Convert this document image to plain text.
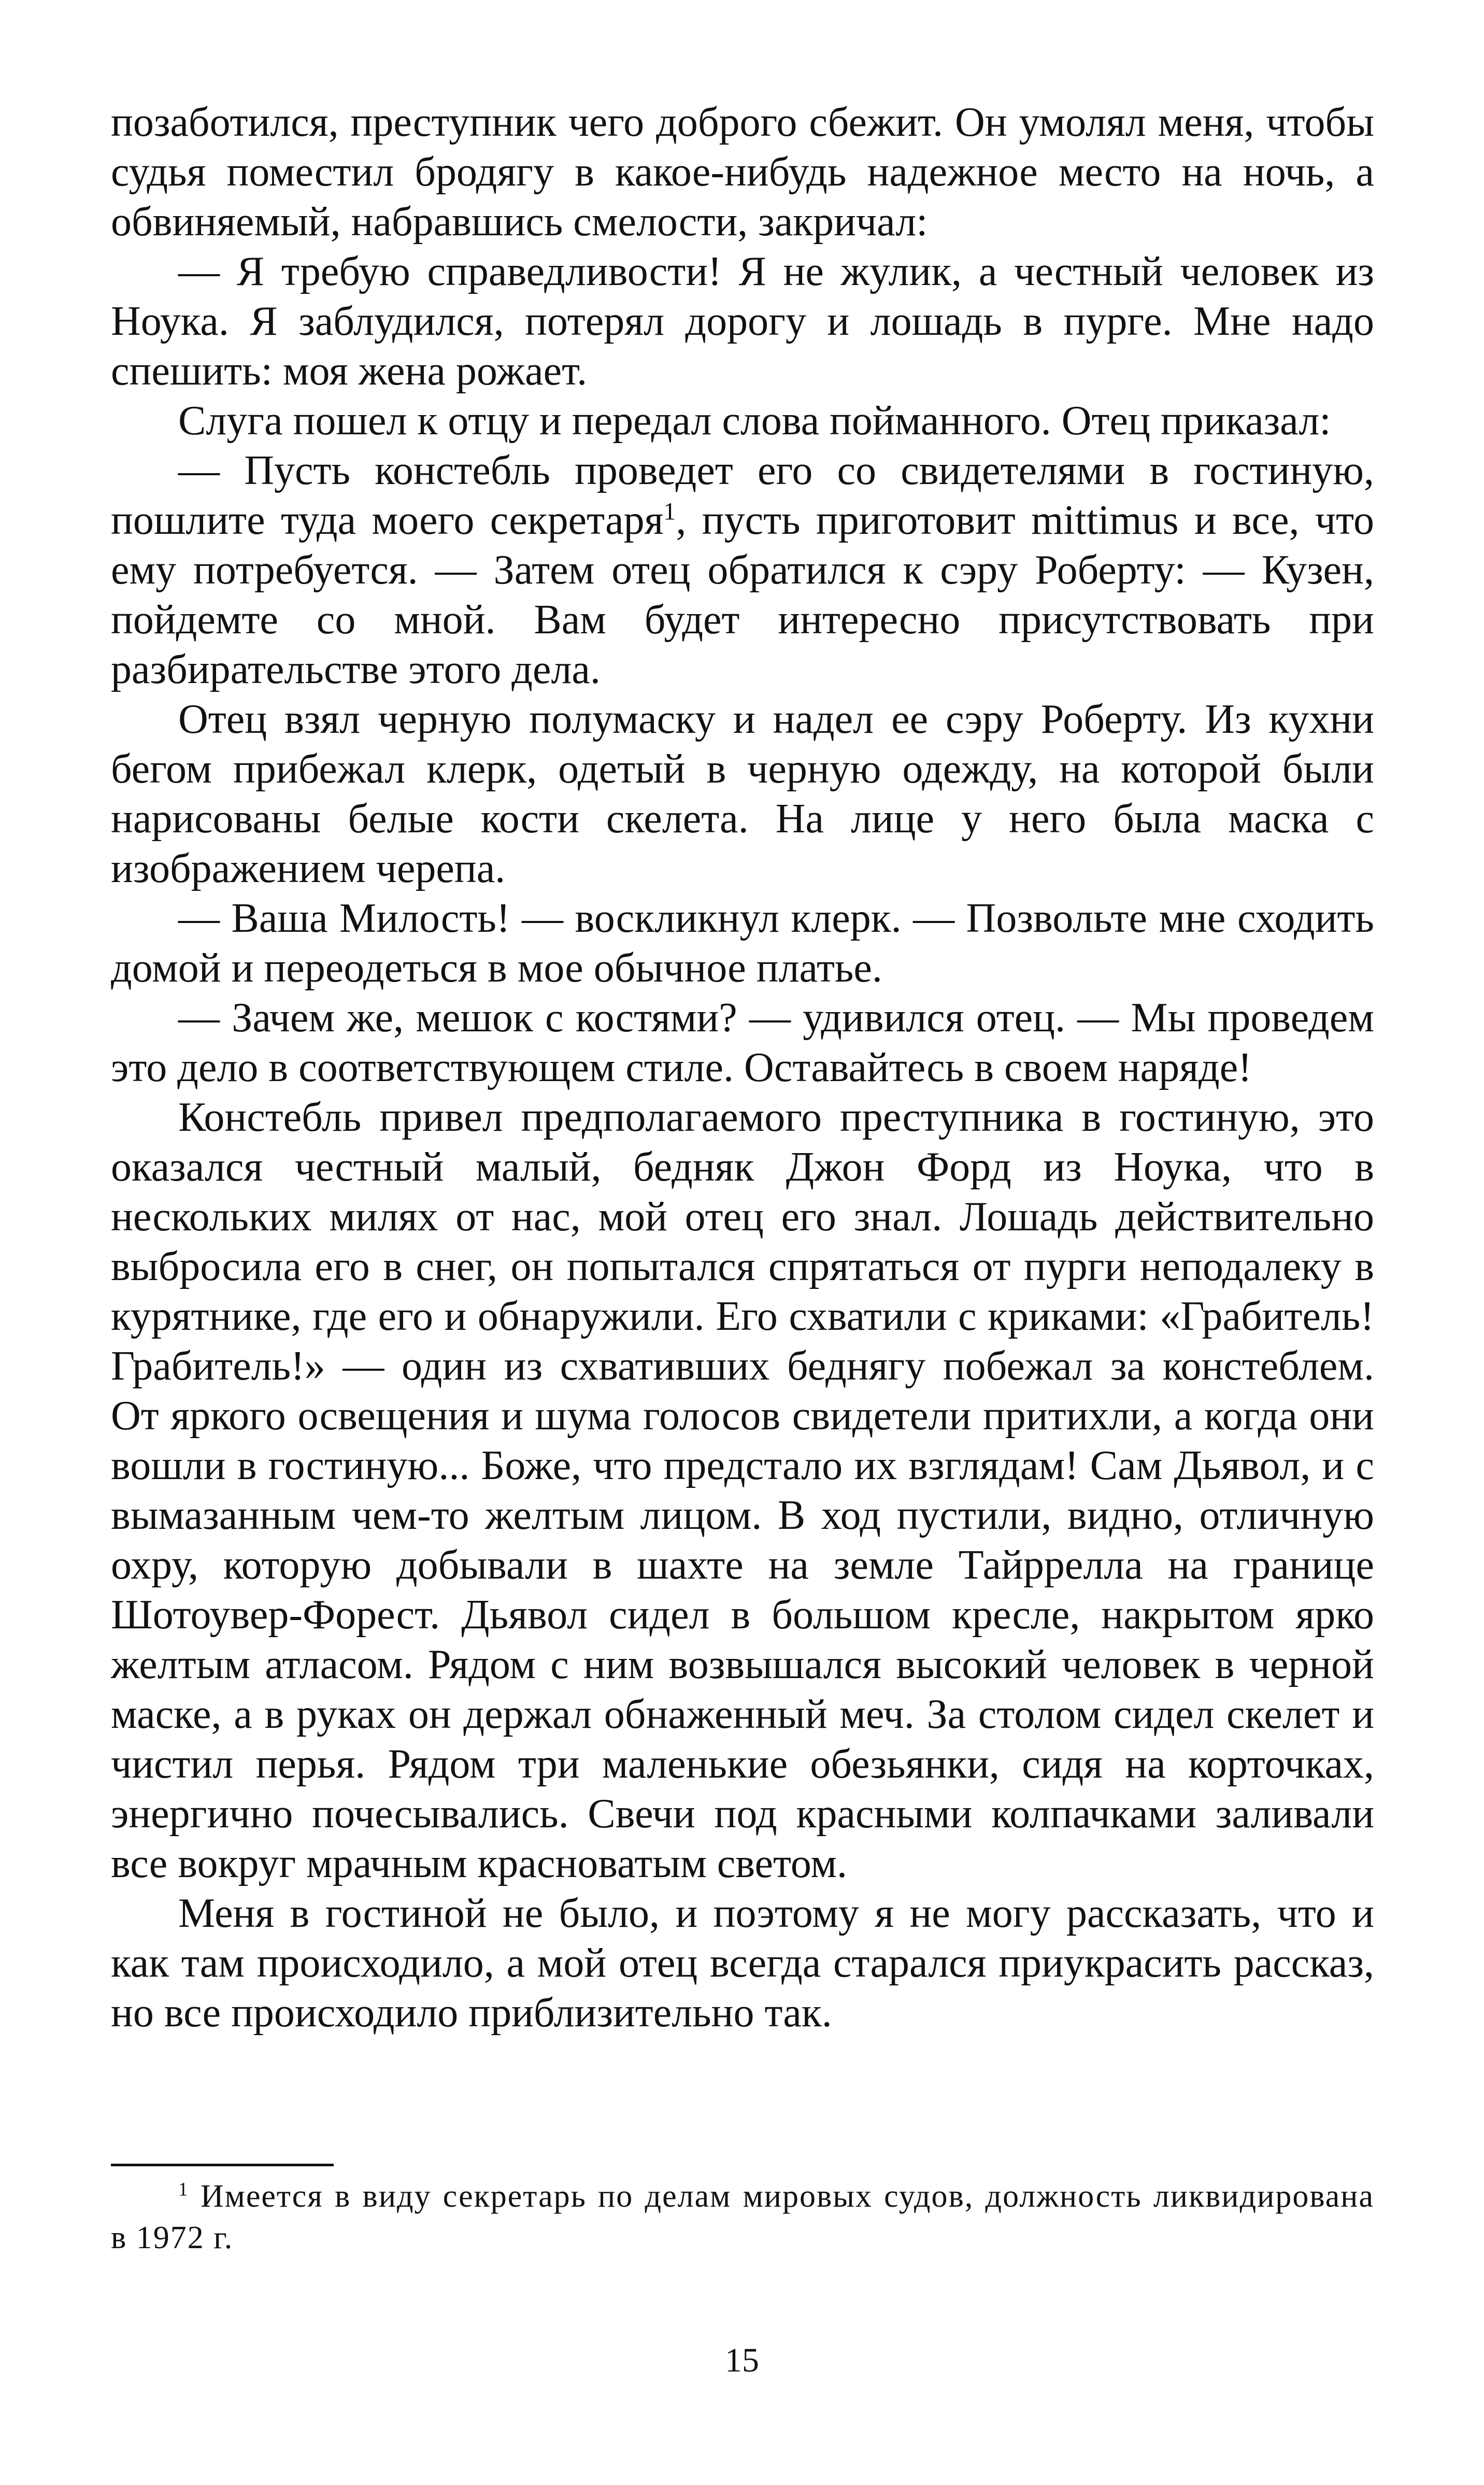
позаботился, преступник чего доброго сбежит. Он умолял меня, чтобы судья поместил бродягу в какое-нибудь надежное место на ночь, а обвиняемый, набравшись смелости, закричал:

— Я требую справедливости! Я не жулик, а честный человек из Ноука. Я заблудился, потерял дорогу и лошадь в пурге. Мне надо спешить: моя жена рожает.

Слуга пошел к отцу и передал слова пойманного. Отец приказал:

— Пусть констебль проведет его со свидетелями в гостиную, пошлите туда моего секретаря$^1$, пусть приготовит mittimus и все, что ему потребуется. — Затем отец обратился к сэру Роберту: — Кузен, пойдемте со мной. Вам будет интересно присутствовать при разбирательстве этого дела.

Отец взял черную полумаску и надел ее сэру Роберту. Из кухни бегом прибежал клерк, одетый в черную одежду, на которой были нарисованы белые кости скелета. На лице у него была маска с изображением черепа.

— Ваша Милость! — воскликнул клерк. — Позвольте мне сходить домой и переодеться в мое обычное платье.

— Зачем же, мешок с костями? — удивился отец. — Мы проведем это дело в соответствующем стиле. Оставайтесь в своем наряде!

Констебль привел предполагаемого преступника в гостиную, это оказался честный малый, бедняк Джон Форд из Ноука, что в нескольких милях от нас, мой отец его знал. Лошадь действительно выбросила его в снег, он попытался спрятаться от пурги неподалеку в курятнике, где его и обнаружили. Его схватили с криками: «Грабитель! Грабитель!» — один из схвативших беднягу побежал за констеблем. От яркого освещения и шума голосов свидетели притихли, а когда они вошли в гостиную... Боже, что предстало их взглядам! Сам Дьявол, и с вымазанным чем-то желтым лицом. В ход пустили, видно, отличную охру, которую добывали в шахте на земле Тайррелла на границе Шотоувер-Форест. Дьявол сидел в большом кресле, накрытом ярко желтым атласом. Рядом с ним возвышался высокий человек в черной маске, а в руках он держал обнаженный меч. За столом сидел скелет и чистил перья. Рядом три маленькие обезьянки, сидя на корточках, энергично почесывались. Свечи под красными колпачками заливали все вокруг мрачным красноватым светом.

Меня в гостиной не было, и поэтому я не могу рассказать, что и как там происходило, а мой отец всегда старался приукрасить рассказ, но все происходило приблизительно так.

$^1$ Имеется в виду секретарь по делам мировых судов, должность ликвидирована в 1972 г.
15
